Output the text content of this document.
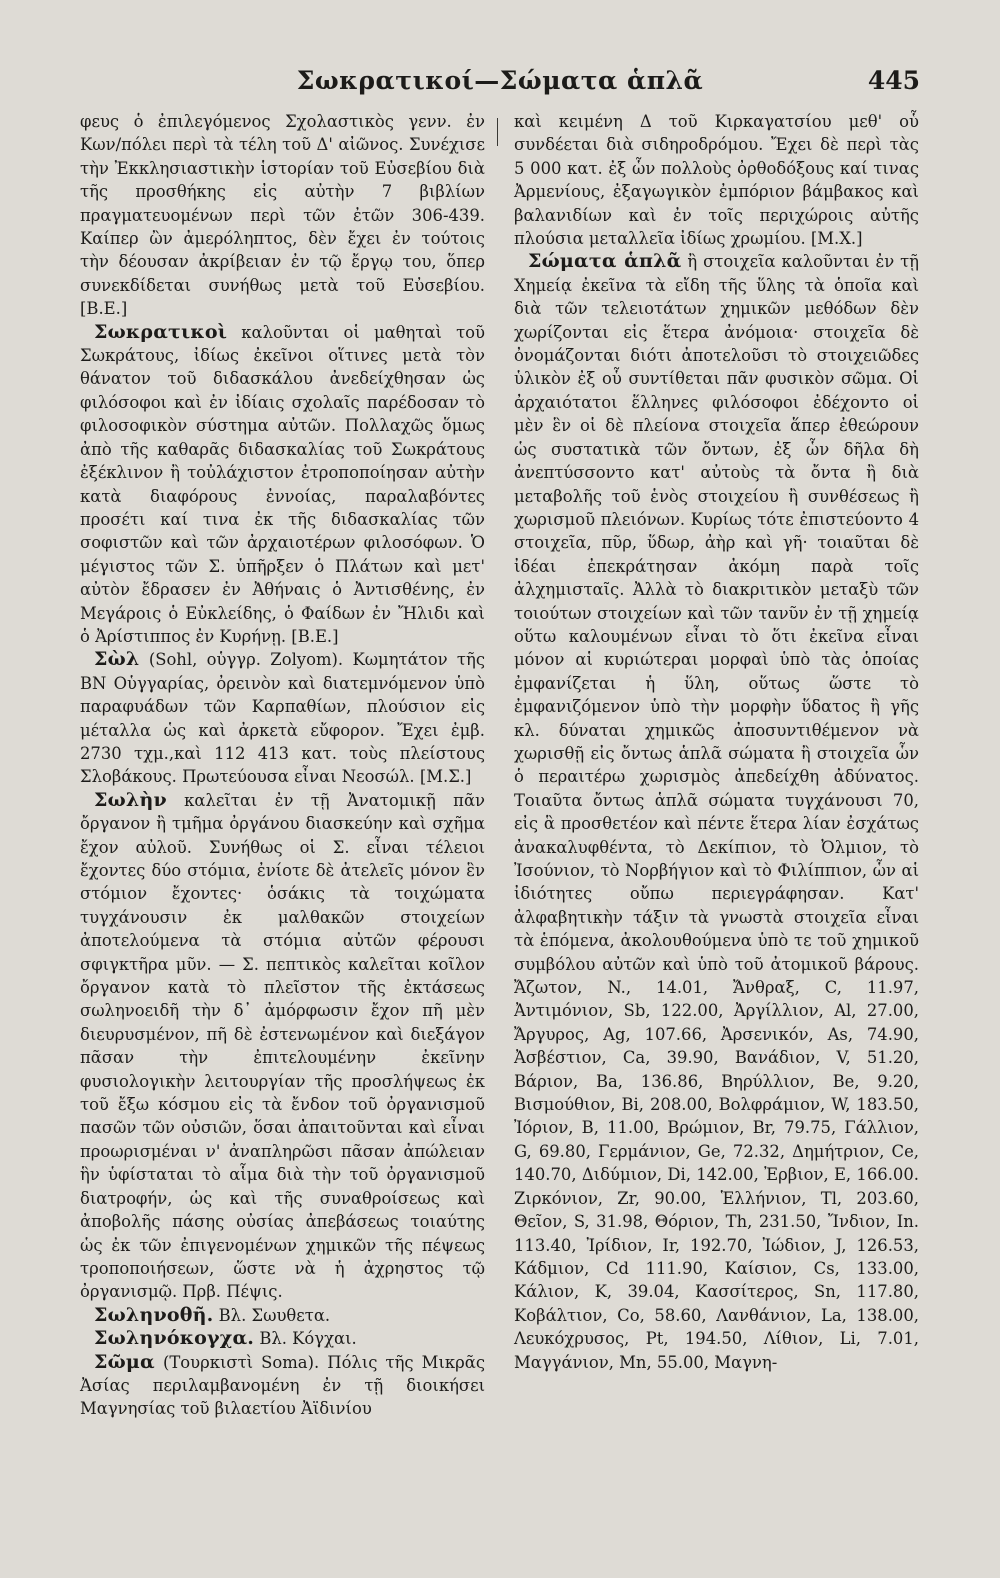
Σωκρατικοί—Σώματα ἁπλᾶ	445

φευς ὁ ἐπιλεγόμενος Σχολαστικὸς γενν. ἐν Κων/πόλει περὶ τὰ τέλη τοῦ Δ' αἰῶνος. Συνέχισε τὴν Ἐκκλησιαστικὴν ἱστορίαν τοῦ Εὐσεβίου διὰ τῆς προσθήκης εἰς αὐτὴν 7 βιβλίων πραγματευομένων περὶ τῶν ἐτῶν 306-439. Καίπερ ὢν ἀμερόληπτος, δὲν ἔχει ἐν τούτοις τὴν δέουσαν ἀκρίβειαν ἐν τῷ ἔργῳ του, ὅπερ συνεκδίδεται συνήθως μετὰ τοῦ Εὐσεβίου. [Β.Ε.]

Σωκρατικοὶ καλοῦνται οἱ μαθηταὶ τοῦ Σωκράτους, ἰδίως ἐκεῖνοι οἵτινες μετὰ τὸν θάνατον τοῦ διδασκάλου ἀνεδείχθησαν ὡς φιλόσοφοι καὶ ἐν ἰδίαις σχολαῖς παρέδοσαν τὸ φιλοσοφικὸν σύστημα αὐτῶν. Πολλαχῶς ὅμως ἀπὸ τῆς καθαρᾶς διδασκαλίας τοῦ Σωκράτους ἐξέκλινον ἢ τοὐλάχιστον ἐτροποποίησαν αὐτὴν κατὰ διαφόρους ἐννοίας, παραλαβόντες προσέτι καί τινα ἐκ τῆς διδασκαλίας τῶν σοφιστῶν καὶ τῶν ἀρχαιοτέρων φιλοσόφων. Ὁ μέγιστος τῶν Σ. ὑπῆρξεν ὁ Πλάτων καὶ μετ' αὐτὸν ἔδρασεν ἐν Ἀθήναις ὁ Ἀντισθένης, ἐν Μεγάροις ὁ Εὐκλείδης, ὁ Φαίδων ἐν Ἤλιδι καὶ ὁ Ἀρίστιππος ἐν Κυρήνῃ. [Β.Ε.]

Σὼλ (Sohl, οὑγγρ. Zolyom). Κωμητάτον τῆς ΒΝ Οὑγγαρίας, ὀρεινὸν καὶ διατεμνόμενον ὑπὸ παραφυάδων τῶν Καρπαθίων, πλούσιον εἰς μέταλλα ὡς καὶ ἀρκετὰ εὔφορον. Ἔχει ἐμβ. 2730 τχμ.,καὶ 112 413 κατ. τοὺς πλείστους Σλοβάκους. Πρωτεύουσα εἶναι Νεοσώλ. [Μ.Σ.]

Σωλὴν καλεῖται ἐν τῇ Ἀνατομικῇ πᾶν ὄργανον ἢ τμῆμα ὀργάνου διασκεύην καὶ σχῆμα ἔχον αὐλοῦ. Συνήθως οἱ Σ. εἶναι τέλειοι ἔχοντες δύο στόμια, ἐνίοτε δὲ ἀτελεῖς μόνον ἓν στόμιον ἔχοντες· ὁσάκις τὰ τοιχώματα τυγχάνουσιν ἐκ μαλθακῶν στοιχείων ἀποτελούμενα τὰ στόμια αὐτῶν φέρουσι σφιγκτῆρα μῦν. — Σ. πεπτικὸς καλεῖται κοῖλον ὄργανον κατὰ τὸ πλεῖστον τῆς ἐκτάσεως σωληνοειδῆ τὴν δ᾽ ἀμόρφωσιν ἔχον πῆ μὲν διευρυσμένον, πῆ δὲ ἐστενωμένον καὶ διεξάγον πᾶσαν τὴν ἐπιτελουμένην ἐκεῖνην φυσιολογικὴν λειτουργίαν τῆς προσλήψεως ἐκ τοῦ ἔξω κόσμου εἰς τὰ ἔνδον τοῦ ὀργανισμοῦ πασῶν τῶν οὐσιῶν, ὅσαι ἀπαιτοῦνται καὶ εἶναι προωρισμέναι ν' ἀναπληρῶσι πᾶσαν ἀπώλειαν ἣν ὑφίσταται τὸ αἷμα διὰ τὴν τοῦ ὀργανισμοῦ διατροφήν, ὡς καὶ τῆς συναθροίσεως καὶ ἀποβολῆς πάσης οὐσίας ἀπεβάσεως τοιαύτης ὡς ἐκ τῶν ἐπιγενομένων χημικῶν τῆς πέψεως τροποποιήσεων, ὥστε νὰ ἡ ἀχρηστος τῷ ὀργανισμῷ. Πρβ. Πέψις.

Σωληνοθῆ. Βλ. Σωυθετα.

Σωληνόκογχα. Βλ. Κόγχαι.

Σῶμα (Τουρκιστὶ Soma). Πόλις τῆς Μικρᾶς Ἀσίας περιλαμβανομένη ἐν τῇ διοικήσει Μαγνησίας τοῦ βιλαετίου Ἀϊδινίου

καὶ κειμένη Δ τοῦ Κιρκαγατσίου μεθ' οὗ συνδέεται διὰ σιδηροδρόμου. Ἔχει δὲ περὶ τὰς 5 000 κατ. ἐξ ὧν πολλοὺς ὀρθοδόξους καί τινας Ἀρμενίους, ἐξαγωγικὸν ἐμπόριον βάμβακος καὶ βαλανιδίων καὶ ἐν τοῖς περιχώροις αὐτῆς πλούσια μεταλλεῖα ἰδίως χρωμίου. [Μ.Χ.]

Σώματα ἁπλᾶ ἢ στοιχεῖα καλοῦνται ἐν τῇ Χημείᾳ ἐκεῖνα τὰ εἴδη τῆς ὕλης τὰ ὁποῖα καὶ διὰ τῶν τελειοτάτων χημικῶν μεθόδων δὲν χωρίζονται εἰς ἕτερα ἀνόμοια· στοιχεῖα δὲ ὀνομάζονται διότι ἀποτελοῦσι τὸ στοιχειῶδες ὑλικὸν ἐξ οὗ συντίθεται πᾶν φυσικὸν σῶμα. Οἱ ἀρχαιότατοι ἕλληνες φιλόσοφοι ἐδέχοντο οἱ μὲν ἓν οἱ δὲ πλείονα στοιχεῖα ἅπερ ἐθεώρουν ὡς συστατικὰ τῶν ὄντων, ἐξ ὧν δῆλα δὴ ἀνεπτύσσοντο κατ' αὐτοὺς τὰ ὄντα ἢ διὰ μεταβολῆς τοῦ ἑνὸς στοιχείου ἢ συνθέσεως ἢ χωρισμοῦ πλειόνων. Κυρίως τότε ἐπιστεύοντο 4 στοιχεῖα, πῦρ, ὕδωρ, ἀὴρ καὶ γῆ· τοιαῦται δὲ ἰδέαι ἐπεκράτησαν ἀκόμη παρὰ τοῖς ἀλχημισταῖς. Ἀλλὰ τὸ διακριτικὸν μεταξὺ τῶν τοιούτων στοιχείων καὶ τῶν τανῦν ἐν τῇ χημείᾳ οὕτω καλουμένων εἶναι τὸ ὅτι ἐκεῖνα εἶναι μόνον αἱ κυριώτεραι μορφαὶ ὑπὸ τὰς ὁποίας ἐμφανίζεται ἡ ὕλη, οὕτως ὥστε τὸ ἐμφανιζόμενον ὑπὸ τὴν μορφὴν ὕδατος ἢ γῆς κλ. δύναται χημικῶς ἀποσυντιθέμενον νὰ χωρισθῇ εἰς ὄντως ἁπλᾶ σώματα ἢ στοιχεῖα ὧν ὁ περαιτέρω χωρισμὸς ἀπεδείχθη ἀδύνατος. Τοιαῦτα ὄντως ἁπλᾶ σώματα τυγχάνουσι 70, εἰς ἃ προσθετέον καὶ πέντε ἕτερα λίαν ἐσχάτως ἀνακαλυφθέντα, τὸ Δεκίπιον, τὸ Ὀλμιον, τὸ Ἰσούνιον, τὸ Νορβήγιον καὶ τὸ Φιλίππιον, ὧν αἱ ἰδιότητες οὔπω περιεγράφησαν. Κατ' ἀλφαβητικὴν τάξιν τὰ γνωστὰ στοιχεῖα εἶναι τὰ ἑπόμενα, ἀκολουθούμενα ὑπὸ τε τοῦ χημικοῦ συμβόλου αὐτῶν καὶ ὑπὸ τοῦ ἀτομικοῦ βάρους. Ἄζωτον, N., 14.01, Ἄνθραξ, C, 11.97, Ἀντιμόνιον, Sb, 122.00, Ἀργίλλιον, Al, 27.00, Ἄργυρος, Ag, 107.66, Ἀρσενικόν, As, 74.90, Ἀσβέστιον, Ca, 39.90, Βανάδιον, V, 51.20, Βάριον, Ba, 136.86, Βηρύλλιον, Be, 9.20, Βισμούθιον, Bi, 208.00, Βολφράμιον, W, 183.50, Ἰόριον, B, 11.00, Βρώμιον, Br, 79.75, Γάλλιον, G, 69.80, Γερμάνιον, Ge, 72.32, Δημήτριον, Ce, 140.70, Διδύμιον, Di, 142.00, Ἐρβιον, E, 166.00. Ζιρκόνιον, Zr, 90.00, Ἑλλήνιον, Tl, 203.60, Θεῖον, S, 31.98, Θόριον, Th, 231.50, Ἴνδιον, In. 113.40, Ἰρίδιον, Ir, 192.70, Ἰώδιον, J, 126.53, Κάδμιον, Cd 111.90, Καίσιον, Cs, 133.00, Κάλιον, K, 39.04, Κασσίτερος, Sn, 117.80, Κοβάλτιον, Co, 58.60, Λανθάνιον, La, 138.00, Λευκόχρυσος, Pt, 194.50, Λίθιον, Li, 7.01, Μαγγάνιον, Mn, 55.00, Μαγνη-
